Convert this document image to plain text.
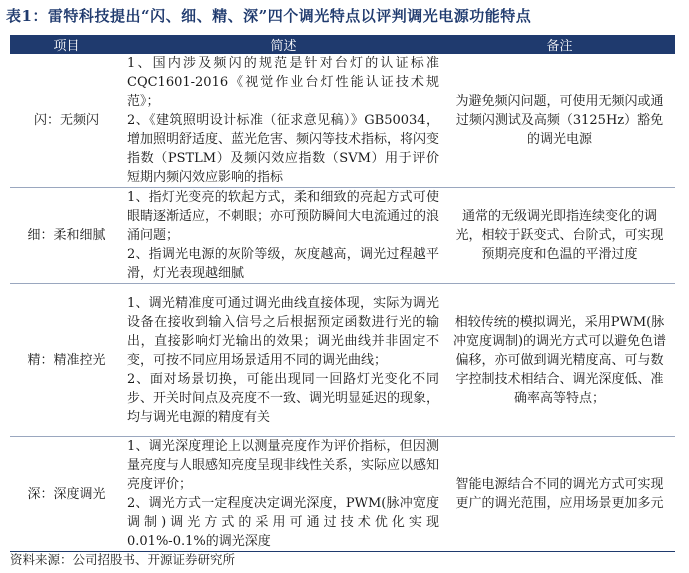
表1：雷特科技提出“闪、细、精、深”四个调光特点以评判调光电源功能特点
项目	简述	备注
闪：无频闪	1、国内涉及频闪的规范是针对台灯的认证标准CQC1601-2016《视觉作业台灯性能认证技术规范》；
2、《建筑照明设计标准（征求意见稿）》GB50034，增加照明舒适度、蓝光危害、频闪等技术指标，将闪变指数（PSTLM）及频闪效应指数（SVM）用于评价短期内频闪效应影响的指标	为避免频闪问题，可使用无频闪或通过频闪测试及高频（3125Hz）豁免的调光电源
细：柔和细腻	1、指灯光变亮的软起方式，柔和细致的亮起方式可使眼睛逐渐适应，不刺眼；亦可预防瞬间大电流通过的浪涌问题；
2、指调光电源的灰阶等级，灰度越高，调光过程越平滑，灯光表现越细腻	通常的无级调光即指连续变化的调光，相较于跃变式、台阶式，可实现预期亮度和色温的平滑过度
精：精准控光	1、调光精准度可通过调光曲线直接体现，实际为调光设备在接收到输入信号之后根据预定函数进行光的输出，直接影响灯光输出的效果；调光曲线并非固定不变，可按不同应用场景适用不同的调光曲线；
2、面对场景切换，可能出现同一回路灯光变化不同步、开关时间点及亮度不一致、调光明显延迟的现象，均与调光电源的精度有关	相较传统的模拟调光，采用PWM(脉冲宽度调制)的调光方式可以避免色谱偏移，亦可做到调光精度高、可与数字控制技术相结合、调光深度低、准确率高等特点；
深：深度调光	1、调光深度理论上以测量亮度作为评价指标，但因测量亮度与人眼感知亮度呈现非线性关系，实际应以感知亮度评价；
2、调光方式一定程度决定调光深度，PWM(脉冲宽度调制)调光方式的采用可通过技术优化实现0.01%-0.1%的调光深度	智能电源结合不同的调光方式可实现更广的调光范围，应用场景更加多元
资料来源：公司招股书、开源证券研究所
